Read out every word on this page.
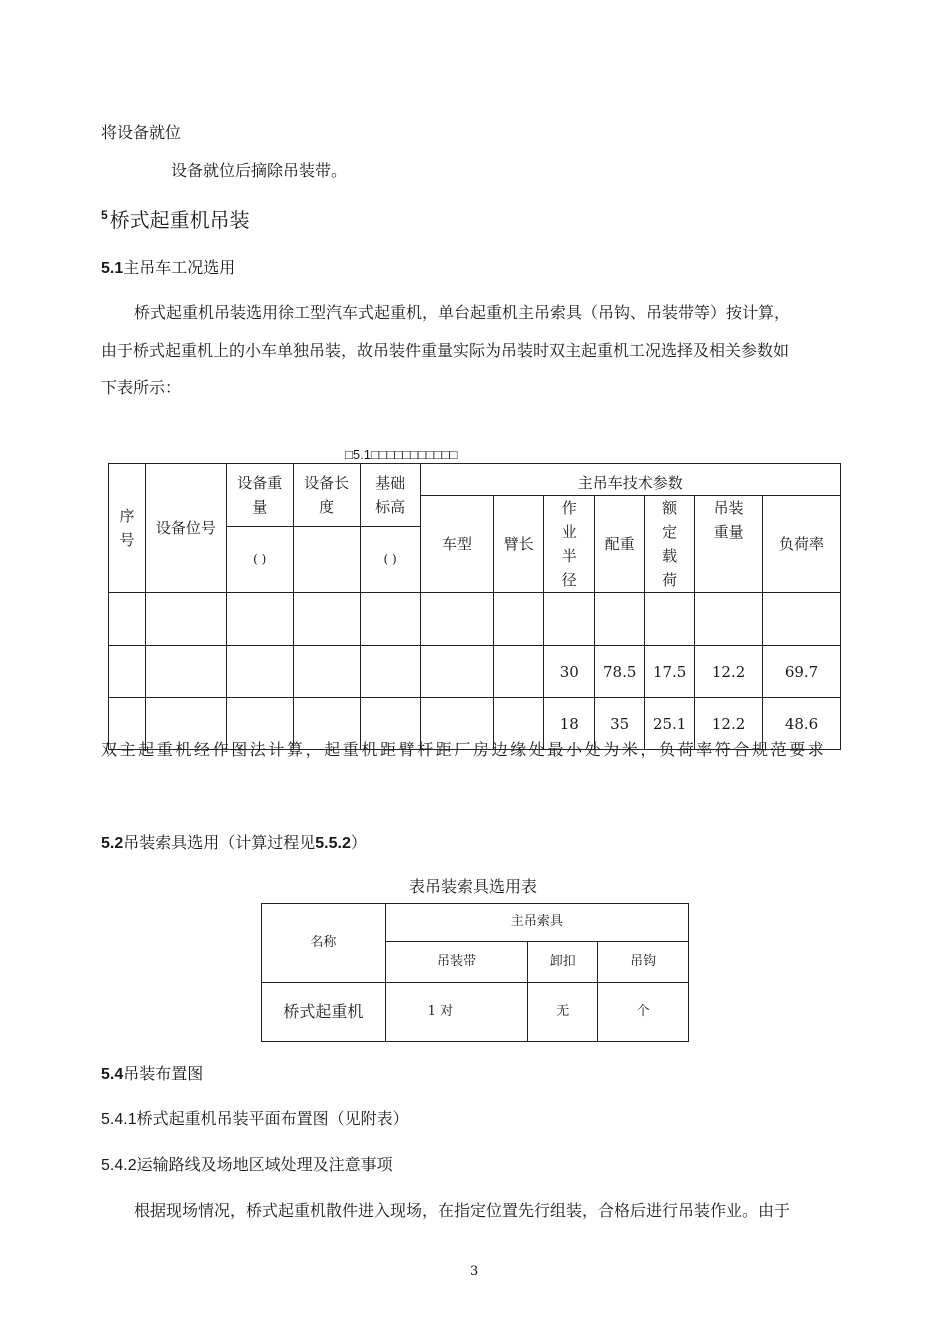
将设备就位
设备就位后摘除吊装带。
$^5$ 桥式起重机吊装
5.1主吊车工况选用
桥式起重机吊装选用徐工型汽车式起重机，单台起重机主吊索具（吊钩、吊装带等）按计算，
由于桥式起重机上的小车单独吊装，故吊装件重量实际为吊装时双主起重机工况选择及相关参数如
下表所示：
□5.1□□□□□□□□□□□
序号	设备位号	设备重量	设备长度	基础标高	主吊车技术参数						
					车型	臂长	作业半径	配重	额定载荷	吊装重量	负荷率
		( )		( )							

							30	78.5	17.5	12.2	69.7
							18	35	25.1	12.2	48.6
双主起重机经作图法计算，起重机距臂杆距厂房边缘处最小处为米，负荷率符合规范要求
5.2吊装索具选用（计算过程见5.5.2）
表吊装索具选用表
名称	主吊索具		
	吊装带	卸扣	吊钩
桥式起重机	1 对	无	个
5.4吊装布置图
5.4.1桥式起重机吊装平面布置图（见附表）
5.4.2运输路线及场地区域处理及注意事项
根据现场情况，桥式起重机散件进入现场，在指定位置先行组装，合格后进行吊装作业。由于
3
